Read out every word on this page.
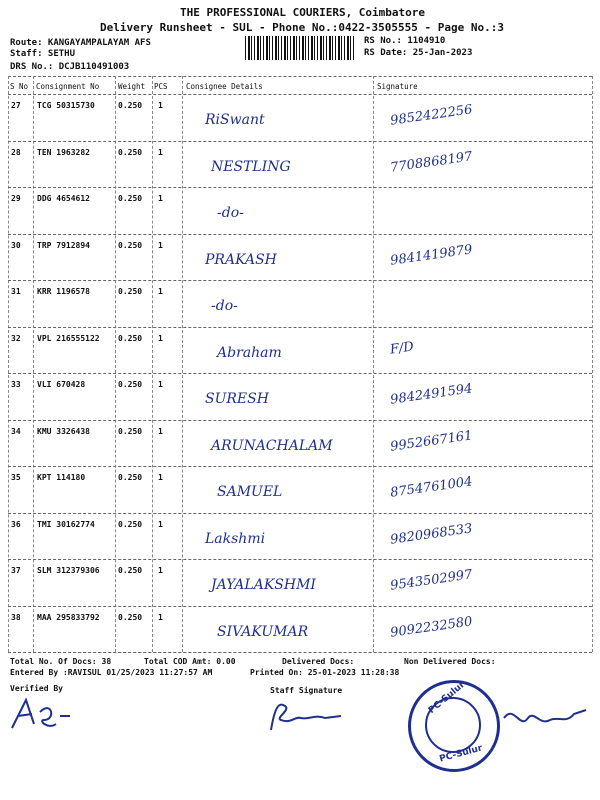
THE PROFESSIONAL COURIERS, Coimbatore
Delivery Runsheet - SUL - Phone No.:0422-3505555 - Page No.:3
Route: KANGAYAMPALAYAM AFS
Staff: SETHU
DRS No.: DCJB110491003
RS No.: 1104910
RS Date: 25-Jan-2023
S No Consignment No	Weight PCS Consignee Details	Signature
27 TCG 50315730	0.250 1
RiSwant	9852422256
28 TEN 1963282	0.250 1
NESTLING	7708868197
29 DDG 4654612	0.250 1
-do-
30 TRP 7912894	0.250 1
PRAKASH	9841419879
31 KRR 1196578	0.250 1
-do-
32 VPL 216555122 0.250 1
Abraham	F/D
33 VLI 670428	0.250 1
SURESH	9842491594
34 KMU 3326438	0.250 1
ARUNACHALAM	9952667161
35 KPT 114180	0.250 1
SAMUEL	8754761004
36 TMI 30162774	0.250 1
Lakshmi	9820968533
37 SLM 312379306 0.250 1
JAYALAKSHMI	9543502997
38 MAA 295833792 0.250 1
SIVAKUMAR	9092232580
Total No. Of Docs: 38	Total COD Amt: 0.00	Delivered Docs:	Non Delivered Docs:
Entered By :RAVISUL 01/25/2023 11:27:57 AM	Printed On: 25-01-2023 11:28:38
Verified By	Staff Signature	PC-Sulur
PC-Sulur
